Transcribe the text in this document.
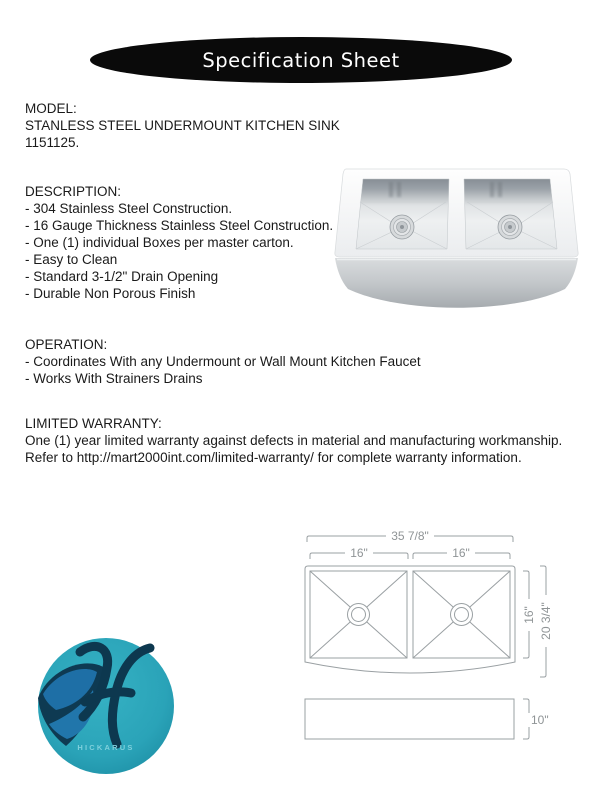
Specification Sheet
MODEL:
STANLESS STEEL UNDERMOUNT KITCHEN SINK
1151125.
DESCRIPTION:
- 304 Stainless Steel Construction.
- 16 Gauge Thickness Stainless Steel Construction.
- One (1) individual Boxes per master carton.
- Easy to Clean
- Standard 3-1/2" Drain Opening
- Durable Non Porous Finish
OPERATION:
- Coordinates With any Undermount or Wall Mount Kitchen Faucet
- Works With Strainers Drains
LIMITED WARRANTY:
One (1) year limited warranty against defects in material and manufacturing workmanship.
Refer to http://mart2000int.com/limited-warranty/ for complete warranty information.
35 7/8"
16"	16"
16" 20 3/4"
10"
HICKARUS
